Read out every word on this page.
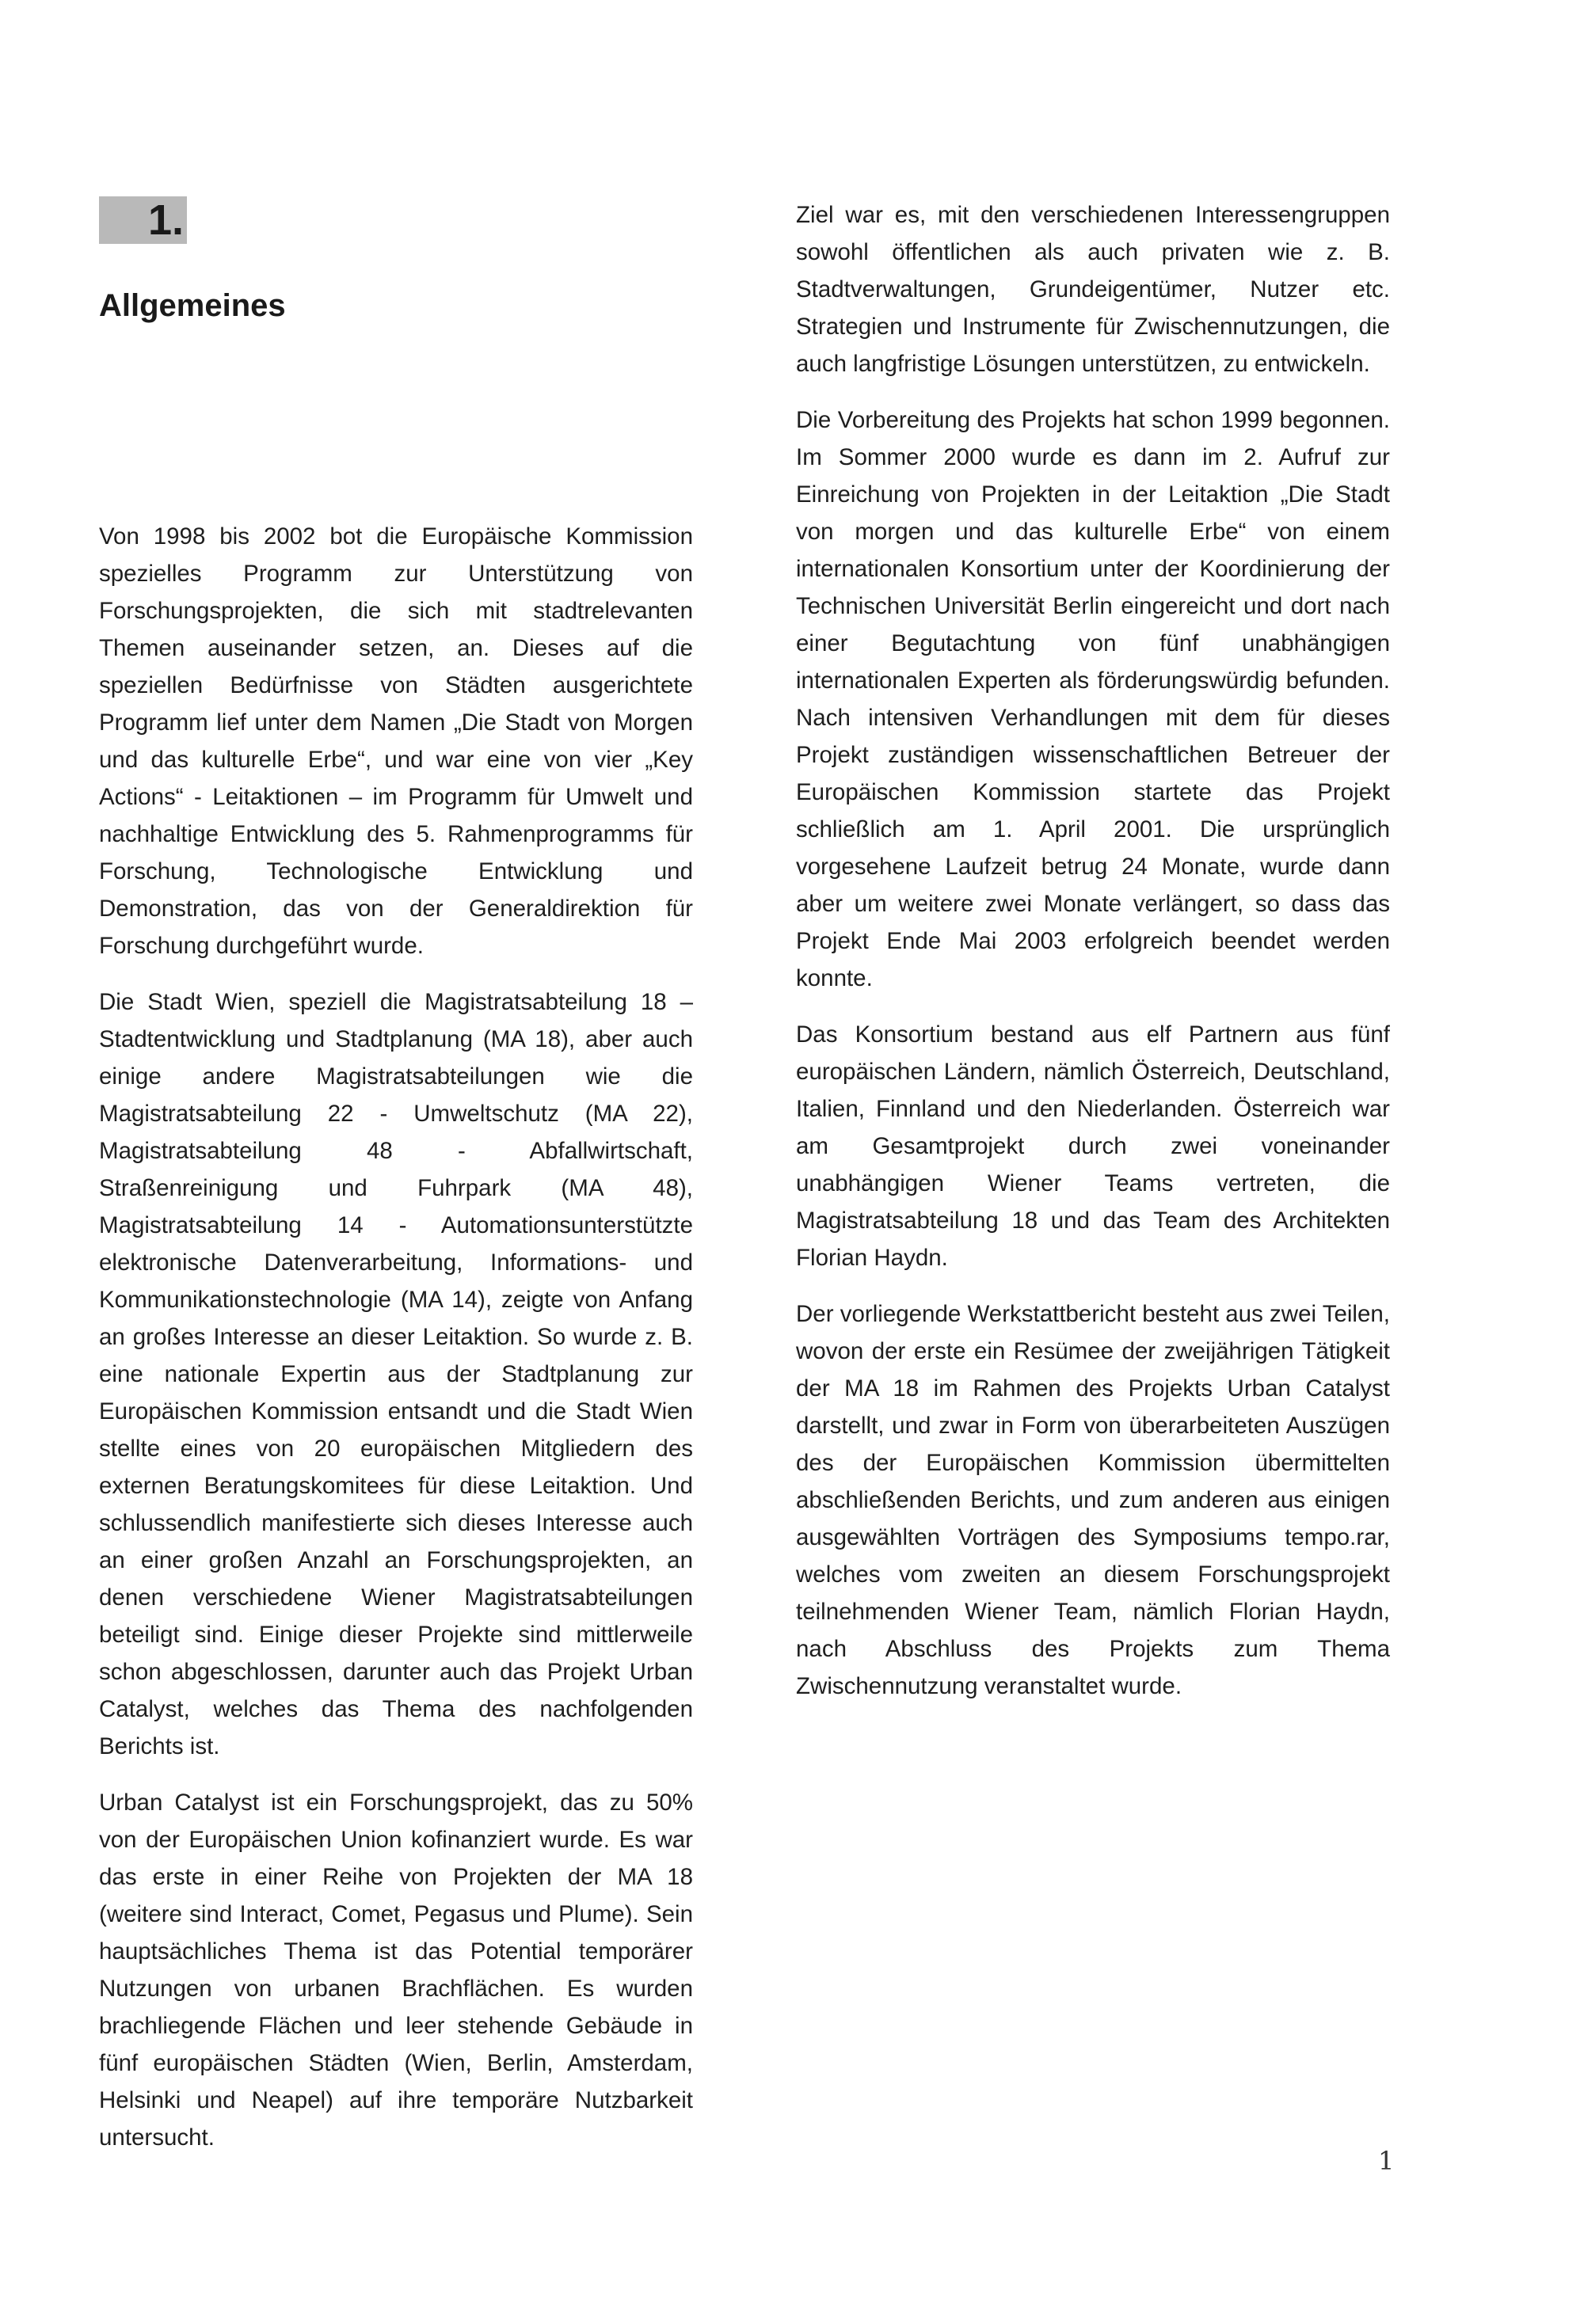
1.
Allgemeines

Von 1998 bis 2002 bot die Europäische Kommission spezielles Programm zur Unterstützung von Forschungsprojekten, die sich mit stadtrelevanten Themen auseinander setzen, an. Dieses auf die speziellen Bedürfnisse von Städten ausgerichtete Programm lief unter dem Namen „Die Stadt von Morgen und das kulturelle Erbe“, und war eine von vier „Key Actions“ - Leitaktionen – im Programm für Umwelt und nachhaltige Entwicklung des 5. Rahmenprogramms für Forschung, Technologische Entwicklung und Demonstration, das von der Generaldirektion für Forschung durchgeführt wurde.

Die Stadt Wien, speziell die Magistratsabteilung 18 – Stadtentwicklung und Stadtplanung (MA 18), aber auch einige andere Magistratsabteilungen wie die Magistratsabteilung 22 - Umweltschutz (MA 22), Magistratsabteilung 48 - Abfallwirtschaft, Straßenreinigung und Fuhrpark (MA 48), Magistratsabteilung 14 - Automationsunterstützte elektronische Datenverarbeitung, Informations- und Kommunikationstechnologie (MA 14), zeigte von Anfang an großes Interesse an dieser Leitaktion. So wurde z. B. eine nationale Expertin aus der Stadtplanung zur Europäischen Kommission entsandt und die Stadt Wien stellte eines von 20 europäischen Mitgliedern des externen Beratungskomitees für diese Leitaktion. Und schlussendlich manifestierte sich dieses Interesse auch an einer großen Anzahl an Forschungsprojekten, an denen verschiedene Wiener Magistratsabteilungen beteiligt sind. Einige dieser Projekte sind mittlerweile schon abgeschlossen, darunter auch das Projekt Urban Catalyst, welches das Thema des nachfolgenden Berichts ist.

Urban Catalyst ist ein Forschungsprojekt, das zu 50% von der Europäischen Union kofinanziert wurde. Es war das erste in einer Reihe von Projekten der MA 18 (weitere sind Interact, Comet, Pegasus und Plume). Sein hauptsächliches Thema ist das Potential temporärer Nutzungen von urbanen Brachflächen. Es wurden brachliegende Flächen und leer stehende Gebäude in fünf europäischen Städten (Wien, Berlin, Amsterdam, Helsinki und Neapel) auf ihre temporäre Nutzbarkeit untersucht.

Ziel war es, mit den verschiedenen Interessengruppen sowohl öffentlichen als auch privaten wie z. B. Stadtverwaltungen, Grundeigentümer, Nutzer etc. Strategien und Instrumente für Zwischennutzungen, die auch langfristige Lösungen unterstützen, zu entwickeln.

Die Vorbereitung des Projekts hat schon 1999 begonnen. Im Sommer 2000 wurde es dann im 2. Aufruf zur Einreichung von Projekten in der Leitaktion „Die Stadt von morgen und das kulturelle Erbe“ von einem internationalen Konsortium unter der Koordinierung der Technischen Universität Berlin eingereicht und dort nach einer Begutachtung von fünf unabhängigen internationalen Experten als förderungswürdig befunden. Nach intensiven Verhandlungen mit dem für dieses Projekt zuständigen wissenschaftlichen Betreuer der Europäischen Kommission startete das Projekt schließlich am 1. April 2001. Die ursprünglich vorgesehene Laufzeit betrug 24 Monate, wurde dann aber um weitere zwei Monate verlängert, so dass das Projekt Ende Mai 2003 erfolgreich beendet werden konnte.

Das Konsortium bestand aus elf Partnern aus fünf europäischen Ländern, nämlich Österreich, Deutschland, Italien, Finnland und den Niederlanden. Österreich war am Gesamtprojekt durch zwei voneinander unabhängigen Wiener Teams vertreten, die Magistratsabteilung 18 und das Team des Architekten Florian Haydn.

Der vorliegende Werkstattbericht besteht aus zwei Teilen, wovon der erste ein Resümee der zweijährigen Tätigkeit der MA 18 im Rahmen des Projekts Urban Catalyst darstellt, und zwar in Form von überarbeiteten Auszügen des der Europäischen Kommission übermittelten abschließenden Berichts, und zum anderen aus einigen ausgewählten Vorträgen des Symposiums tempo.rar, welches vom zweiten an diesem Forschungsprojekt teilnehmenden Wiener Team, nämlich Florian Haydn, nach Abschluss des Projekts zum Thema Zwischennutzung veranstaltet wurde.

1
